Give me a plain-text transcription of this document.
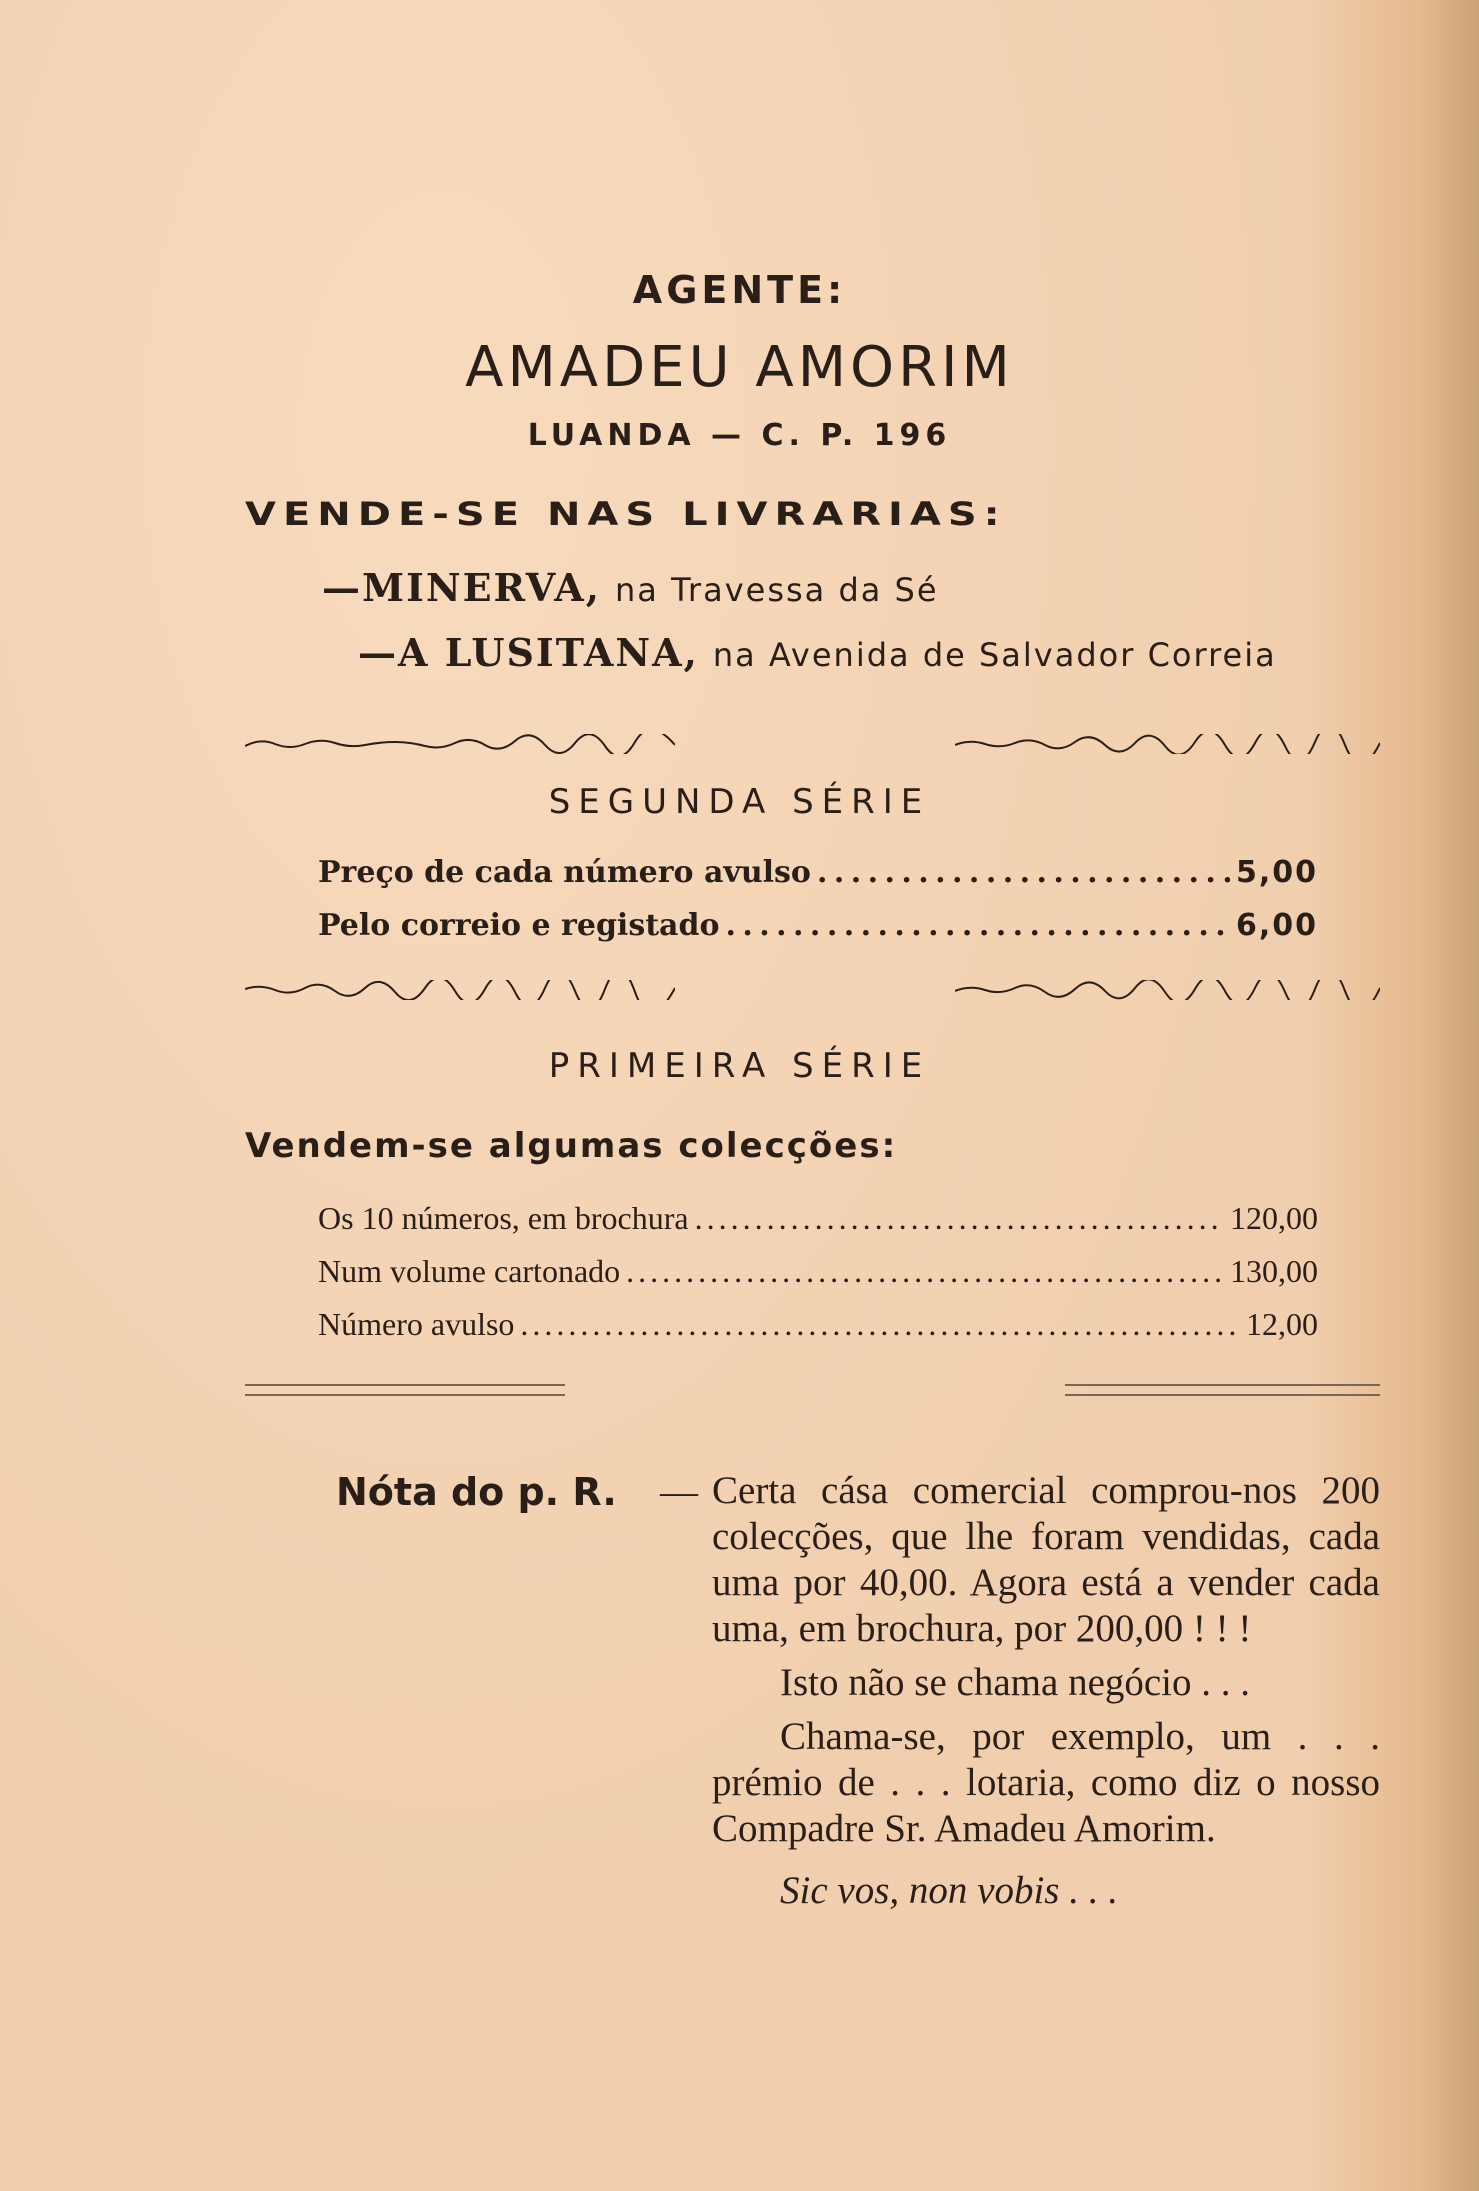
AGENTE:
AMADEU AMORIM
LUANDA — C. P. 196
VENDE-SE NAS LIVRARIAS:
—MINERVA, na Travessa da Sé
—A LUSITANA, na Avenida de Salvador Correia
SEGUNDA SÉRIE
Preço de cada número avulso . . .	5,00
Pelo correio e registado . . .	6,00
PRIMEIRA SÉRIE
Vendem-se algumas colecções:
Os 10 números, em brochura . . .	120,00
Num volume cartonado . . .	130,00
Número avulso . . .	12,00
Nóta do p. R. — Certa cása comercial comprou-nos 200 colecções, que lhe foram vendidas, cada uma por 40,00. Agora está a vender cada uma, em brochura, por 200,00 ! ! !

Isto não se chama negócio . . .

Chama-se, por exemplo, um . . . prémio de . . . lotaria, como diz o nosso Compadre Sr. Amadeu Amorim.

Sic vos, non vobis . . .
